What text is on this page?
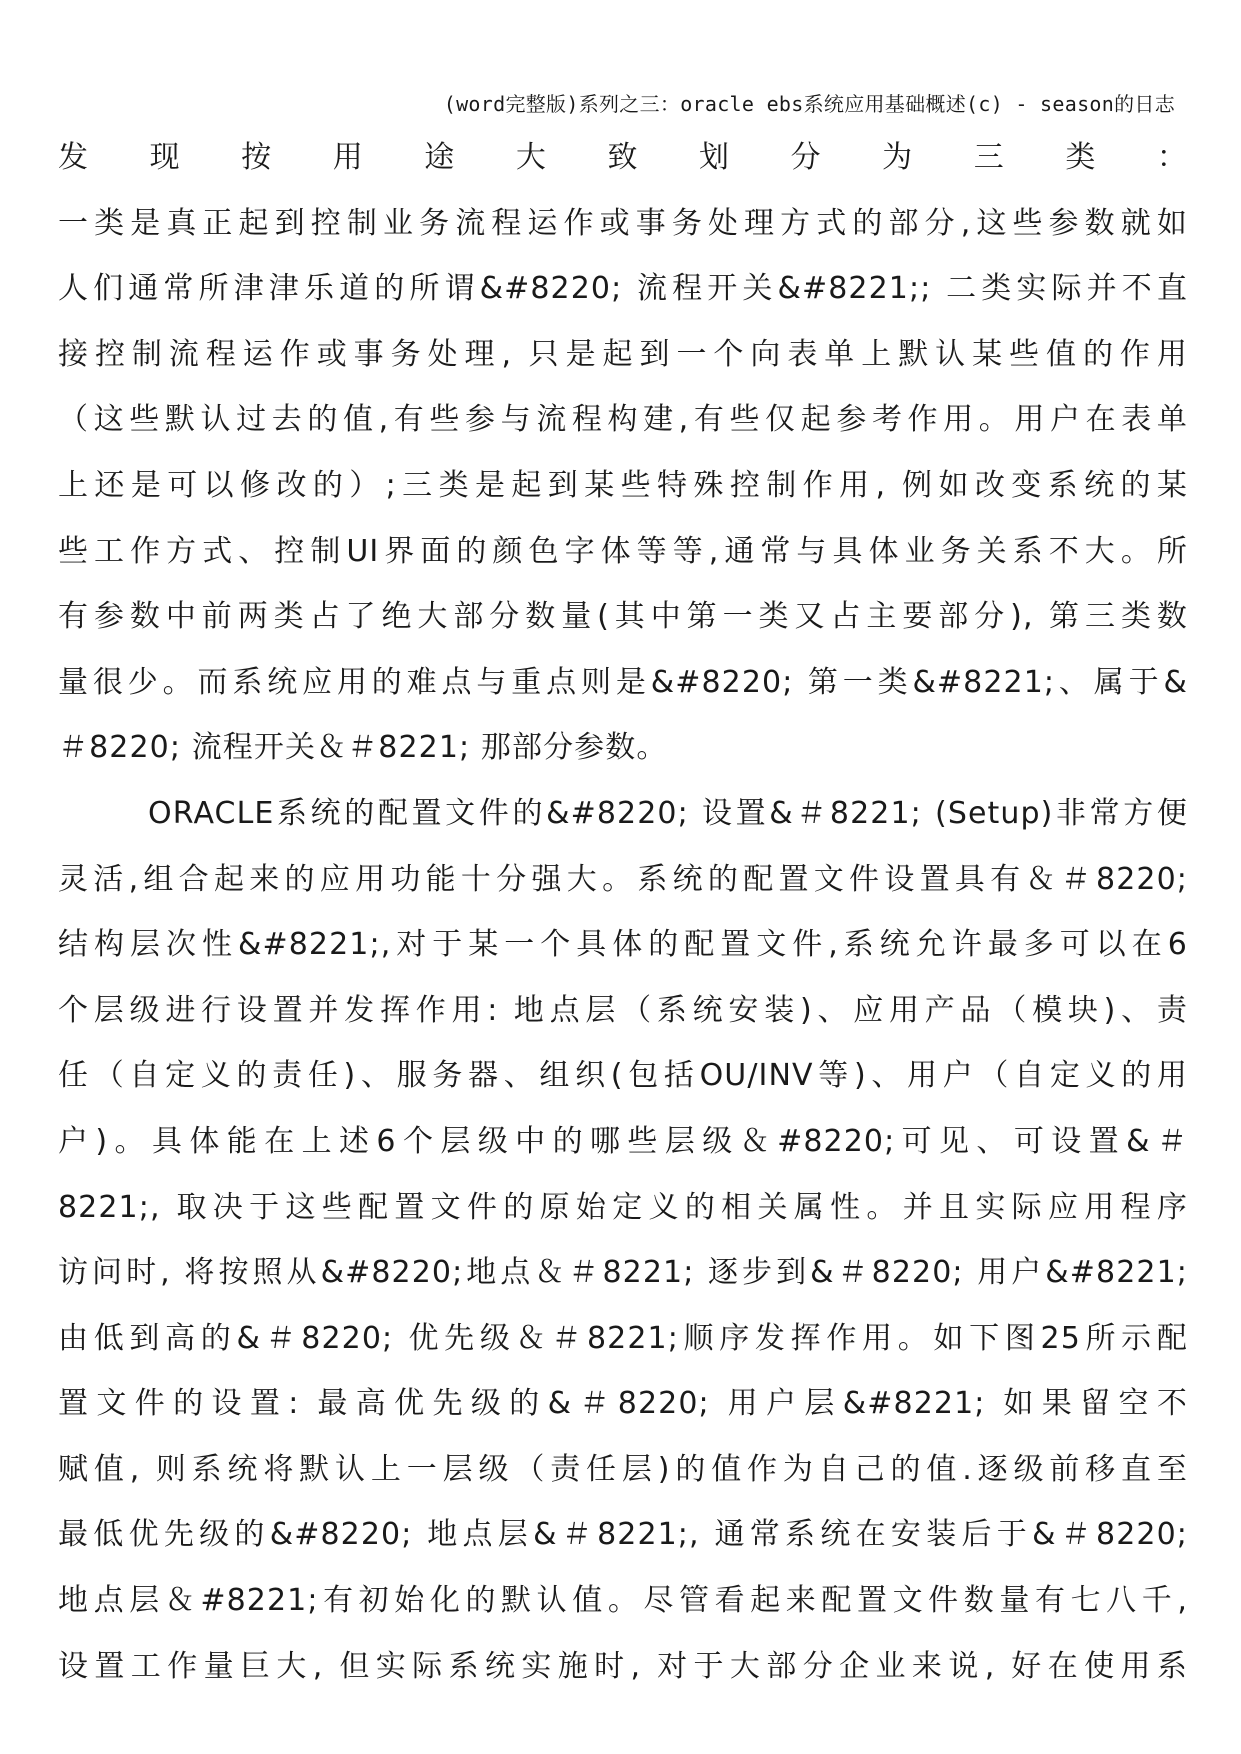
(word完整版)系列之三：oracle ebs系统应用基础概述(c) - season的日志
发现按用途大致划分为三类：
一类是真正起到控制业务流程运作或事务处理方式的部分,这些参数就如
人们通常所津津乐道的所谓&#8220; 流程开关&#8221;; 二类实际并不直
接控制流程运作或事务处理, 只是起到一个向表单上默认某些值的作用
（这些默认过去的值,有些参与流程构建,有些仅起参考作用。用户在表单
上还是可以修改的）;三类是起到某些特殊控制作用, 例如改变系统的某
些工作方式、控制UI界面的颜色字体等等,通常与具体业务关系不大。所
有参数中前两类占了绝大部分数量(其中第一类又占主要部分), 第三类数
量很少。而系统应用的难点与重点则是&#8220; 第一类&#8221;、属于&
＃8220; 流程开关＆＃8221; 那部分参数。
ORACLE系统的配置文件的&#8220; 设置&＃8221; (Setup)非常方便
灵活,组合起来的应用功能十分强大。系统的配置文件设置具有＆＃8220;
结构层次性&#8221;,对于某一个具体的配置文件,系统允许最多可以在6
个层级进行设置并发挥作用: 地点层（系统安装)、应用产品（模块)、责
任（自定义的责任)、服务器、组织(包括OU/INV等)、用户（自定义的用
户)。具体能在上述6个层级中的哪些层级＆#8220;可见、可设置&＃
8221;, 取决于这些配置文件的原始定义的相关属性。并且实际应用程序
访问时, 将按照从&#8220;地点＆＃8221; 逐步到&＃8220; 用户&#8221;
由低到高的&＃8220; 优先级＆＃8221;顺序发挥作用。如下图25所示配
置文件的设置: 最高优先级的&＃8220; 用户层&#8221; 如果留空不
赋值, 则系统将默认上一层级（责任层)的值作为自己的值.逐级前移直至
最低优先级的&#8220; 地点层&＃8221;, 通常系统在安装后于&＃8220;
地点层＆#8221;有初始化的默认值。尽管看起来配置文件数量有七八千,
设置工作量巨大, 但实际系统实施时, 对于大部分企业来说, 好在使用系
